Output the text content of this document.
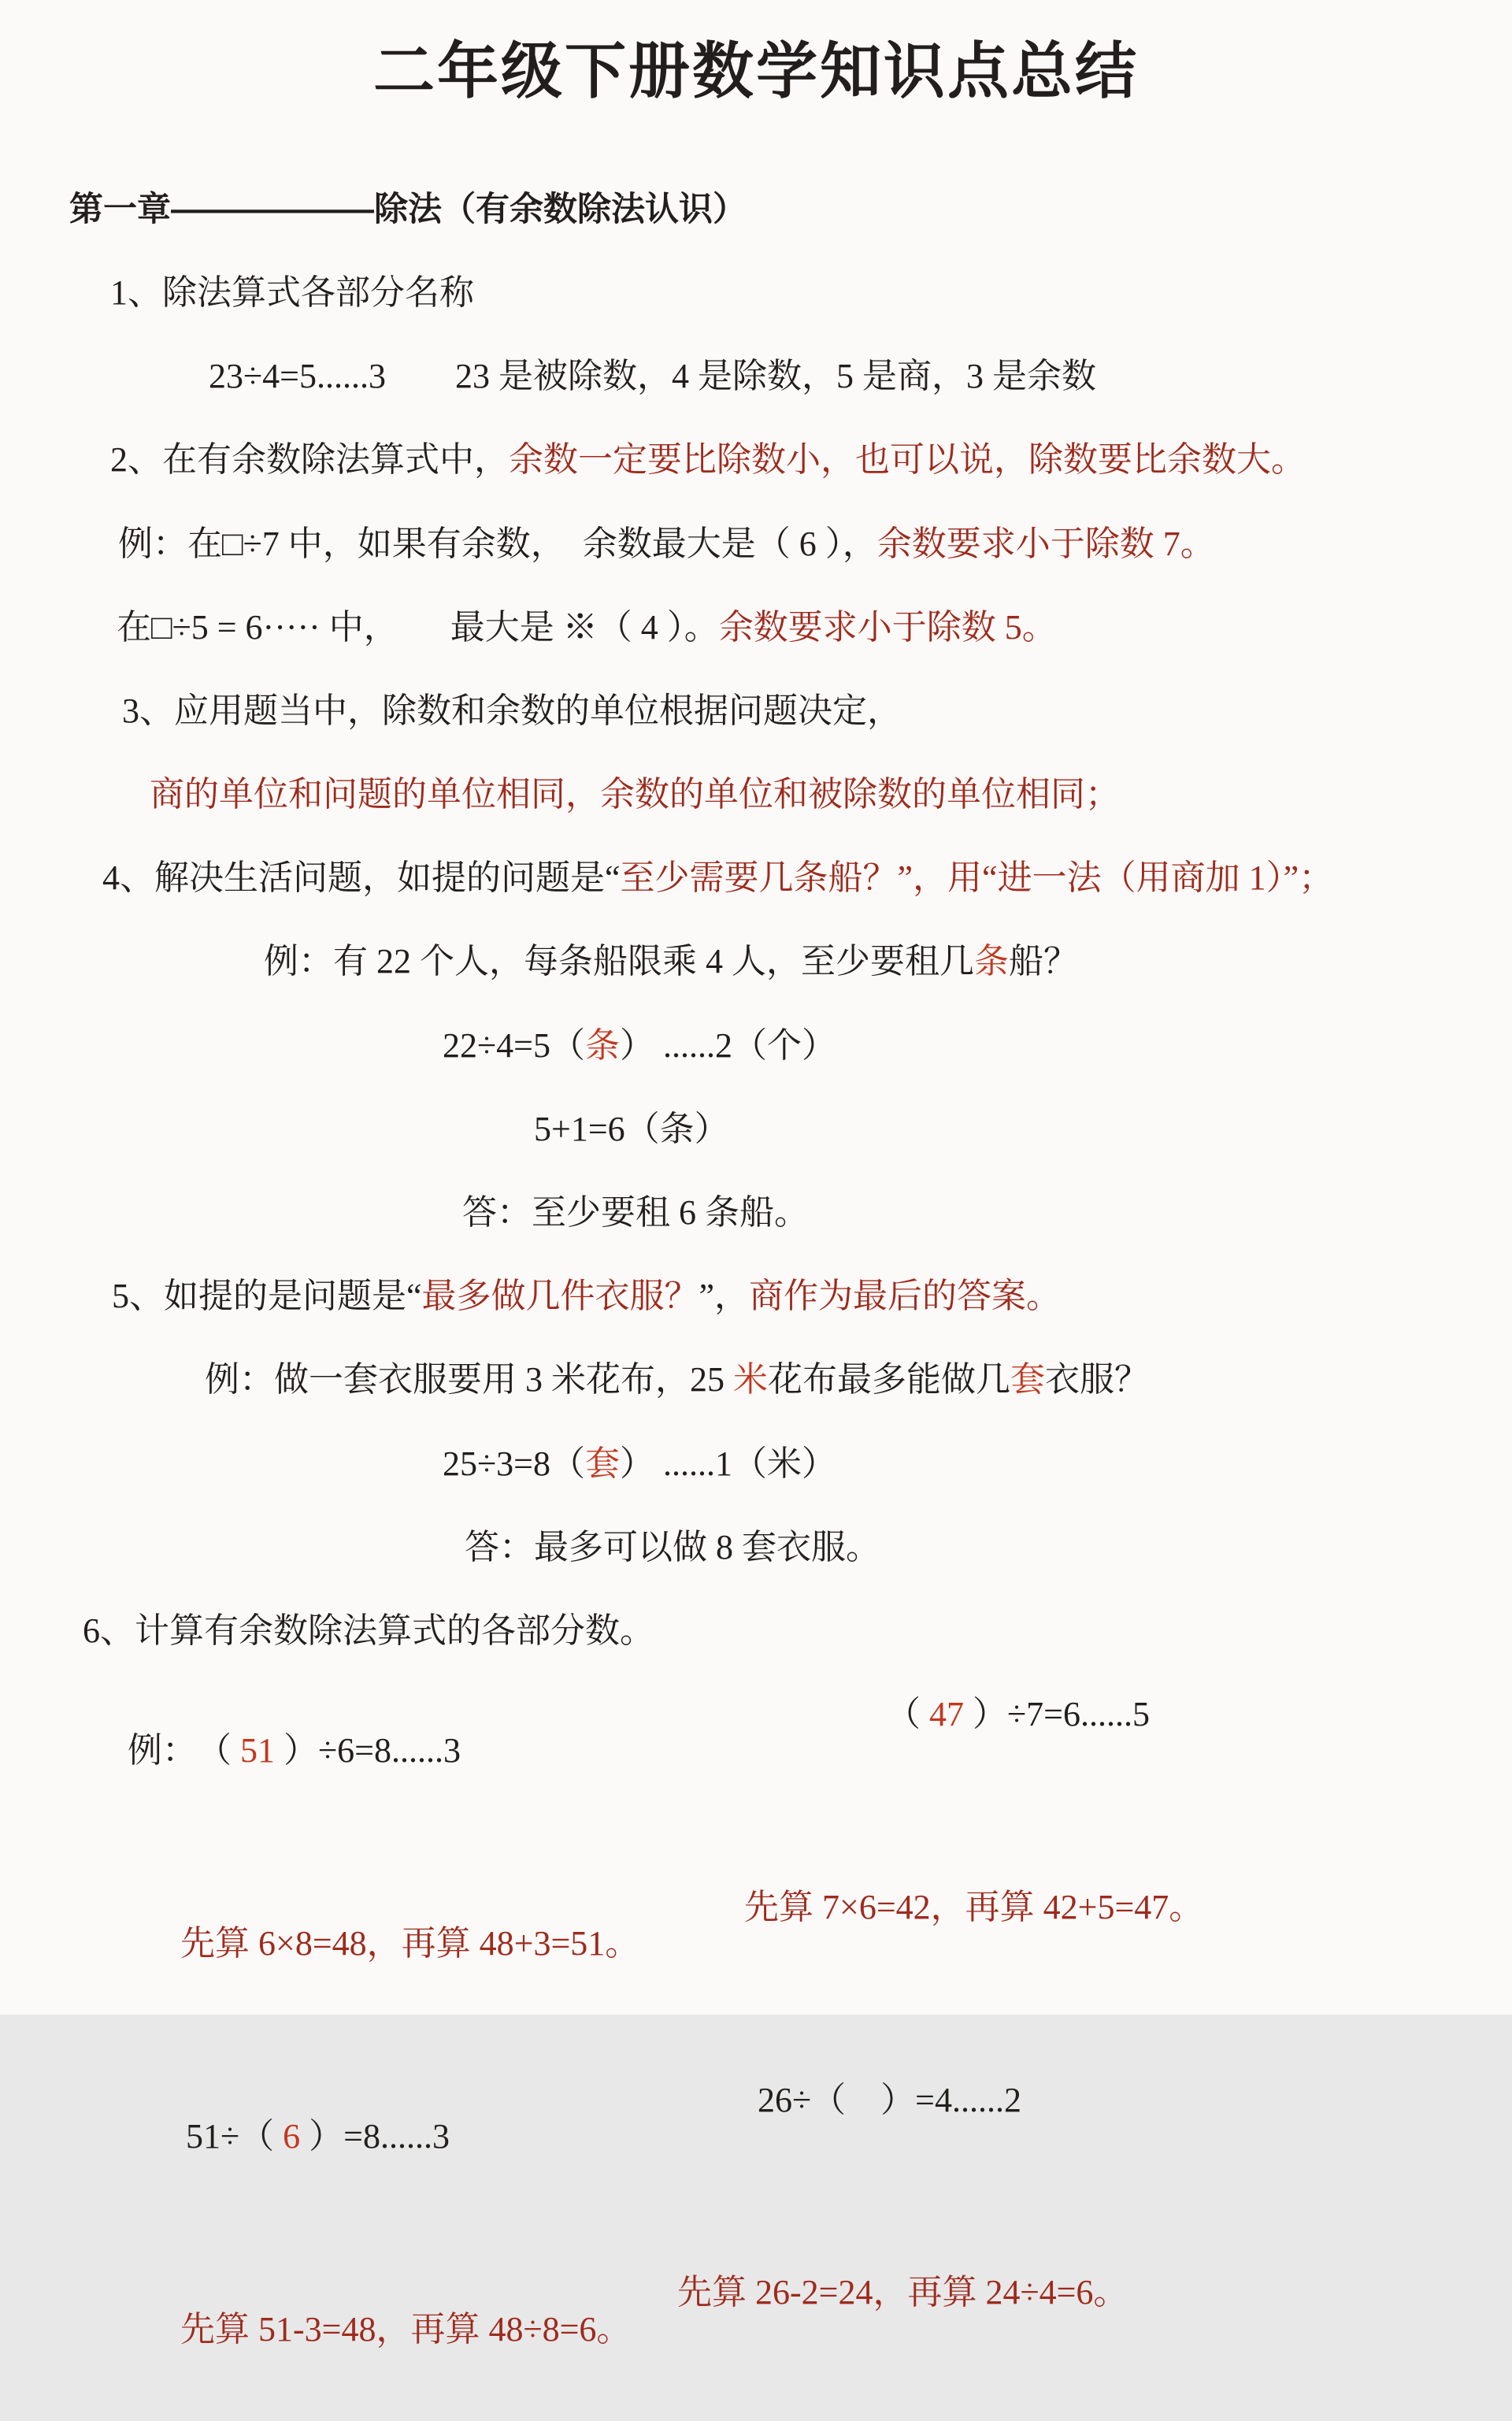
二年级下册数学知识点总结
第一章——————除法（有余数除法认识）

1、除法算式各部分名称

23÷4=5......3　　23 是被除数，4 是除数，5 是商，3 是余数

2、在有余数除法算式中，余数一定要比除数小，也可以说，除数要比余数大。

例：在□÷7 中，如果有余数，　余数最大是（ 6 ），余数要求小于除数 7。

在□÷5 = 6····· 中，　　最大是 ※（ 4 ）。余数要求小于除数 5。

3、应用题当中，除数和余数的单位根据问题决定，

商的单位和问题的单位相同，余数的单位和被除数的单位相同；

4、解决生活问题，如提的问题是“至少需要几条船？”，用“进一法（用商加 1）”；

例：有 22 个人，每条船限乘 4 人，至少要租几条船？

22÷4=5（条） ......2（个）

5+1=6（条）

答：至少要租 6 条船。

5、如提的是问题是“最多做几件衣服？”，商作为最后的答案。

例：做一套衣服要用 3 米花布，25 米花布最多能做几套衣服？

25÷3=8（套） ......1（米）

答：最多可以做 8 套衣服。

6、计算有余数除法算式的各部分数。

例：　（ 51 ）÷6=8......3

（ 47 ）÷7=6......5

先算 6×8=48，再算 48+3=51。

先算 7×6=42，再算 42+5=47。

51÷（ 6 ）=8......3

26÷（　）=4......2

先算 51-3=48，再算 48÷8=6。

先算 26-2=24，再算 24÷4=6。
